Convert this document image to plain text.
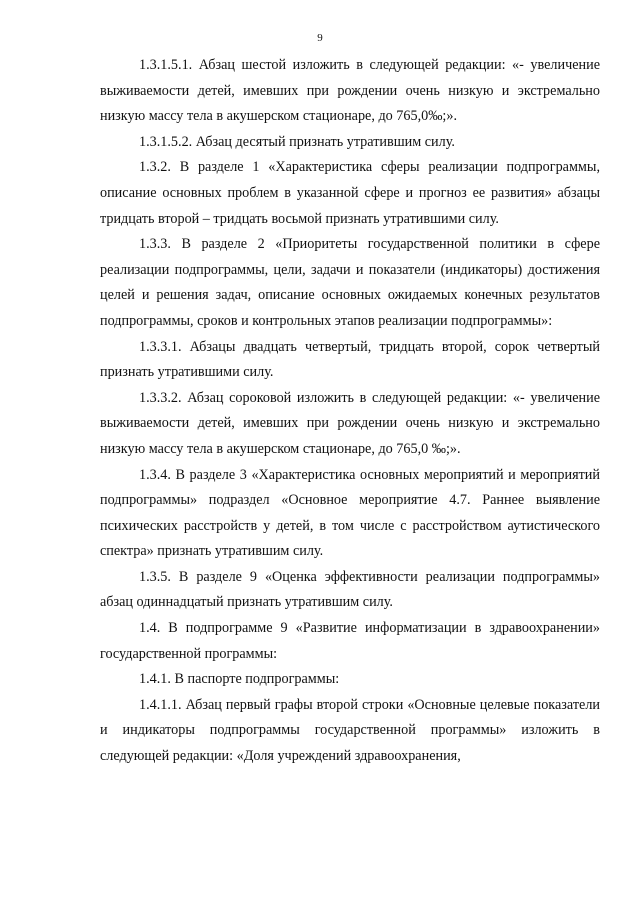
9

1.3.1.5.1. Абзац шестой изложить в следующей редакции: «- увеличение выживаемости детей, имевших при рождении очень низкую и экстремально низкую массу тела в акушерском стационаре, до 765,0‰;».

1.3.1.5.2. Абзац десятый признать утратившим силу.

1.3.2. В разделе 1 «Характеристика сферы реализации подпрограммы, описание основных проблем в указанной сфере и прогноз ее развития» абзацы тридцать второй – тридцать восьмой признать утратившими силу.

1.3.3. В разделе 2 «Приоритеты государственной политики в сфере реализации подпрограммы, цели, задачи и показатели (индикаторы) достижения целей и решения задач, описание основных ожидаемых конечных результатов подпрограммы, сроков и контрольных этапов реализации подпрограммы»:

1.3.3.1. Абзацы двадцать четвертый, тридцать второй, сорок четвертый признать утратившими силу.

1.3.3.2. Абзац сороковой изложить в следующей редакции: «- увеличение выживаемости детей, имевших при рождении очень низкую и экстремально низкую массу тела в акушерском стационаре, до 765,0 ‰;».

1.3.4. В разделе 3 «Характеристика основных мероприятий и мероприятий подпрограммы» подраздел «Основное мероприятие 4.7. Раннее выявление психических расстройств у детей, в том числе с расстройством аутистического спектра» признать утратившим силу.

1.3.5. В разделе 9 «Оценка эффективности реализации подпрограммы» абзац одиннадцатый признать утратившим силу.

1.4. В подпрограмме 9 «Развитие информатизации в здравоохранении» государственной программы:

1.4.1. В паспорте подпрограммы:

1.4.1.1. Абзац первый графы второй строки «Основные целевые показатели и индикаторы подпрограммы государственной программы» изложить в следующей редакции: «Доля учреждений здравоохранения,
